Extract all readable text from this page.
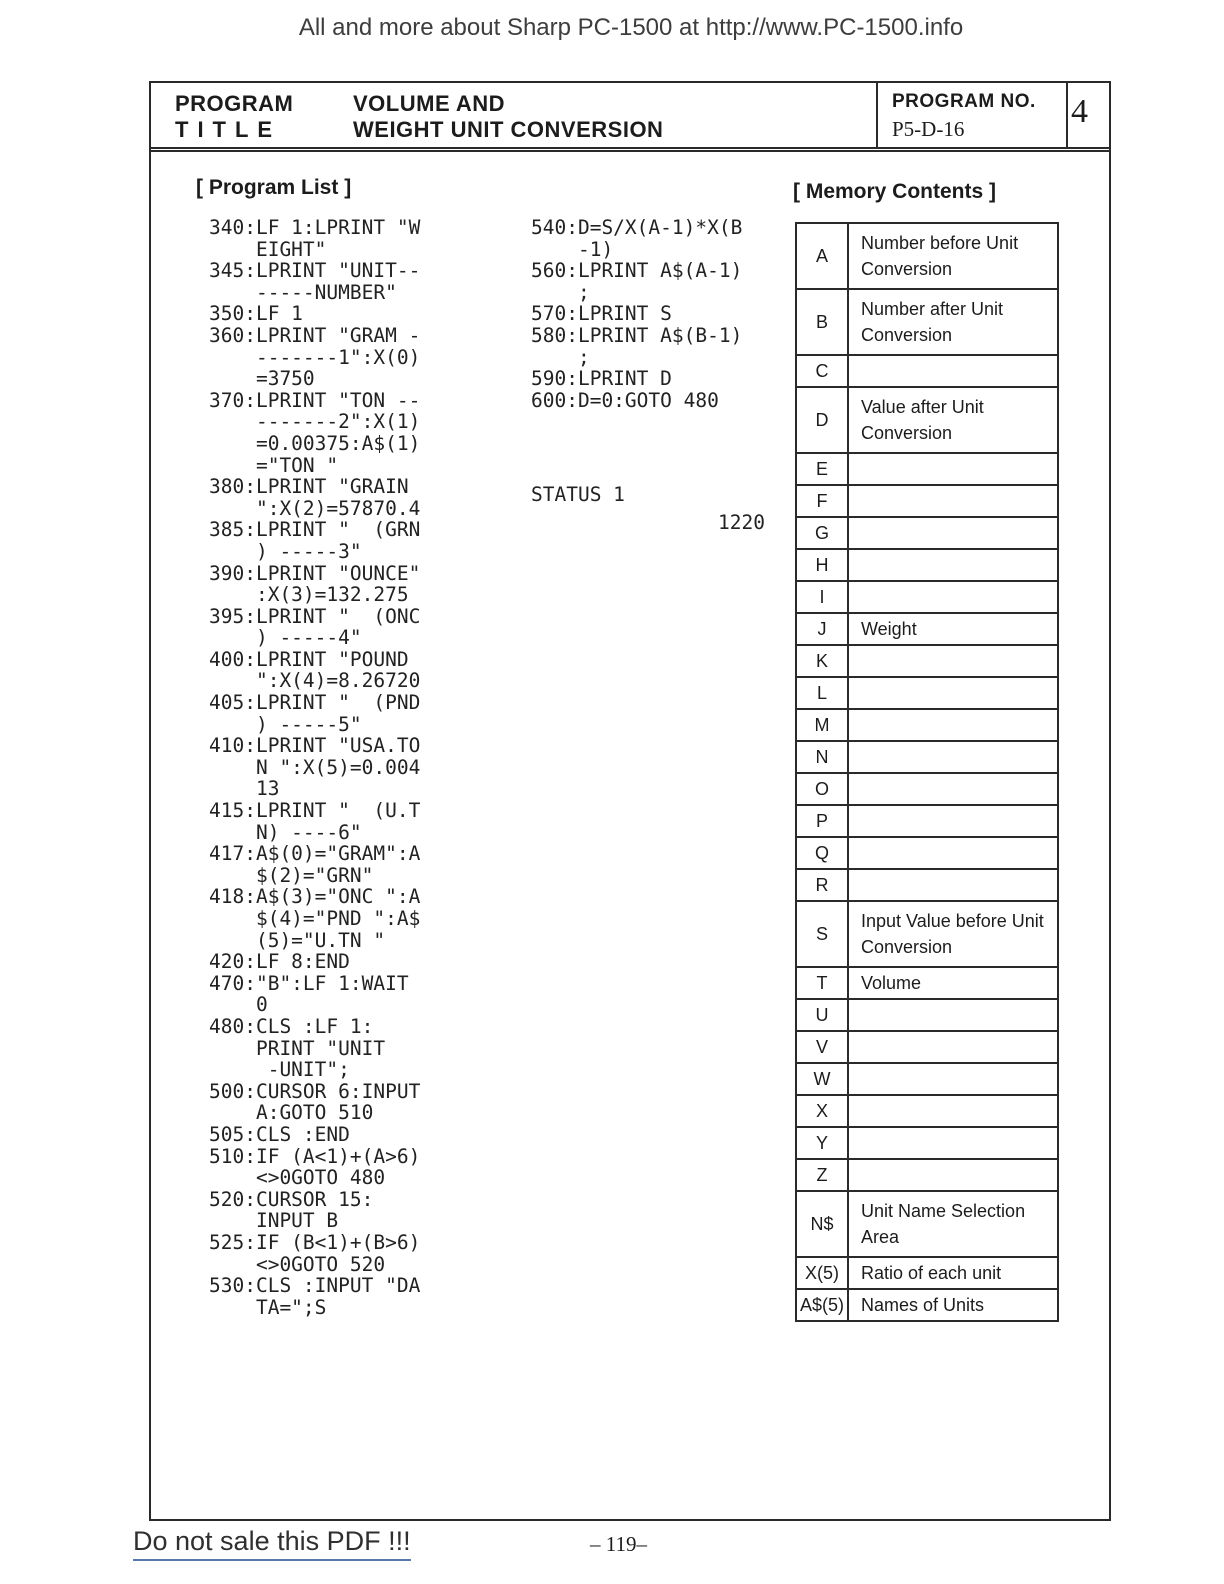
All and more about Sharp PC-1500 at http://www.PC-1500.info
PROGRAM
TITLE
VOLUME AND
WEIGHT UNIT CONVERSION
PROGRAM NO.
P5-D-16	4
[ Program List ]	[ Memory Contents ]
340:LF 1:LPRINT "W
EIGHT"
345:LPRINT "UNIT--
-----NUMBER"
350:LF 1
360:LPRINT "GRAM -
-------1":X(0)
=3750
370:LPRINT "TON --
-------2":X(1)
=0.00375:A$(1)
="TON "
380:LPRINT "GRAIN
":X(2)=57870.4
385:LPRINT "  (GRN
) -----3"
390:LPRINT "OUNCE"
:X(3)=132.275
395:LPRINT "  (ONC
) -----4"
400:LPRINT "POUND
":X(4)=8.26720
405:LPRINT "  (PND
) -----5"
410:LPRINT "USA.TO
N ":X(5)=0.004
13
415:LPRINT "  (U.T
N) ----6"
417:A$(0)="GRAM":A
$(2)="GRN"
418:A$(3)="ONC ":A
$(4)="PND ":A$
(5)="U.TN "
420:LF 8:END
470:"B":LF 1:WAIT
0
480:CLS :LF 1:
PRINT "UNIT
-UNIT";
500:CURSOR 6:INPUT
A:GOTO 510
505:CLS :END
510:IF (A<1)+(A>6)
<>0GOTO 480
520:CURSOR 15:
INPUT B
525:IF (B<1)+(B>6)
<>0GOTO 520
530:CLS :INPUT "DA
TA=";S
540:D=S/X(A-1)*X(B
-1)
560:LPRINT A$(A-1)
;
570:LPRINT S
580:LPRINT A$(B-1)
;
590:LPRINT D
600:D=0:GOTO 480
STATUS 1
1220
A	Number before Unit Conversion
B	Number after Unit Conversion
C	
D	Value after Unit Conversion
E	
F	
G	
H	
I	
J	Weight
K	
L	
M	
N	
O	
P	
Q	
R	
S	Input Value before Unit Conversion
T	Volume
U	
V	
W	
X	
Y	
Z	
N$	Unit Name Selection Area
X(5)	Ratio of each unit
A$(5)	Names of Units
Do not sale this PDF !!!	– 119–
